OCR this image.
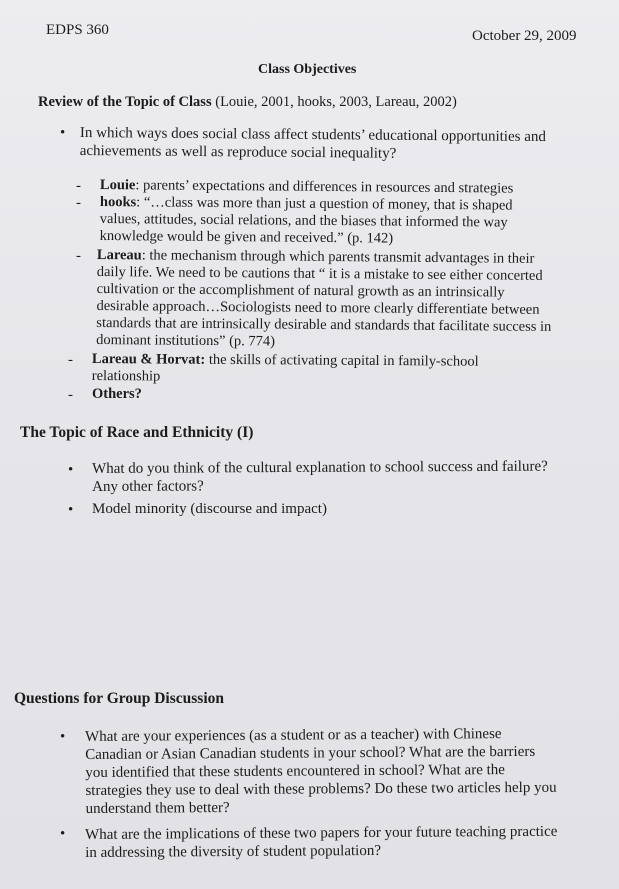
EDPS 360	October 29, 2009
Class Objectives
Review of the Topic of Class (Louie, 2001, hooks, 2003, Lareau, 2002)
• In which ways does social class affect students’ educational opportunities and
achievements as well as reproduce social inequality?
- Louie: parents’ expectations and differences in resources and strategies
- hooks: “…class was more than just a question of money, that is shaped
values, attitudes, social relations, and the biases that informed the way
knowledge would be given and received.” (p. 142)
- Lareau: the mechanism through which parents transmit advantages in their
daily life. We need to be cautions that “ it is a mistake to see either concerted
cultivation or the accomplishment of natural growth as an intrinsically
desirable approach…Sociologists need to more clearly differentiate between
standards that are intrinsically desirable and standards that facilitate success in
dominant institutions” (p. 774)
- Lareau & Horvat: the skills of activating capital in family-school
relationship
- Others?
The Topic of Race and Ethnicity (I)
• What do you think of the cultural explanation to school success and failure?
Any other factors?
• Model minority (discourse and impact)
Questions for Group Discussion
• What are your experiences (as a student or as a teacher) with Chinese
Canadian or Asian Canadian students in your school? What are the barriers
you identified that these students encountered in school? What are the
strategies they use to deal with these problems? Do these two articles help you
understand them better?
• What are the implications of these two papers for your future teaching practice
in addressing the diversity of student population?
